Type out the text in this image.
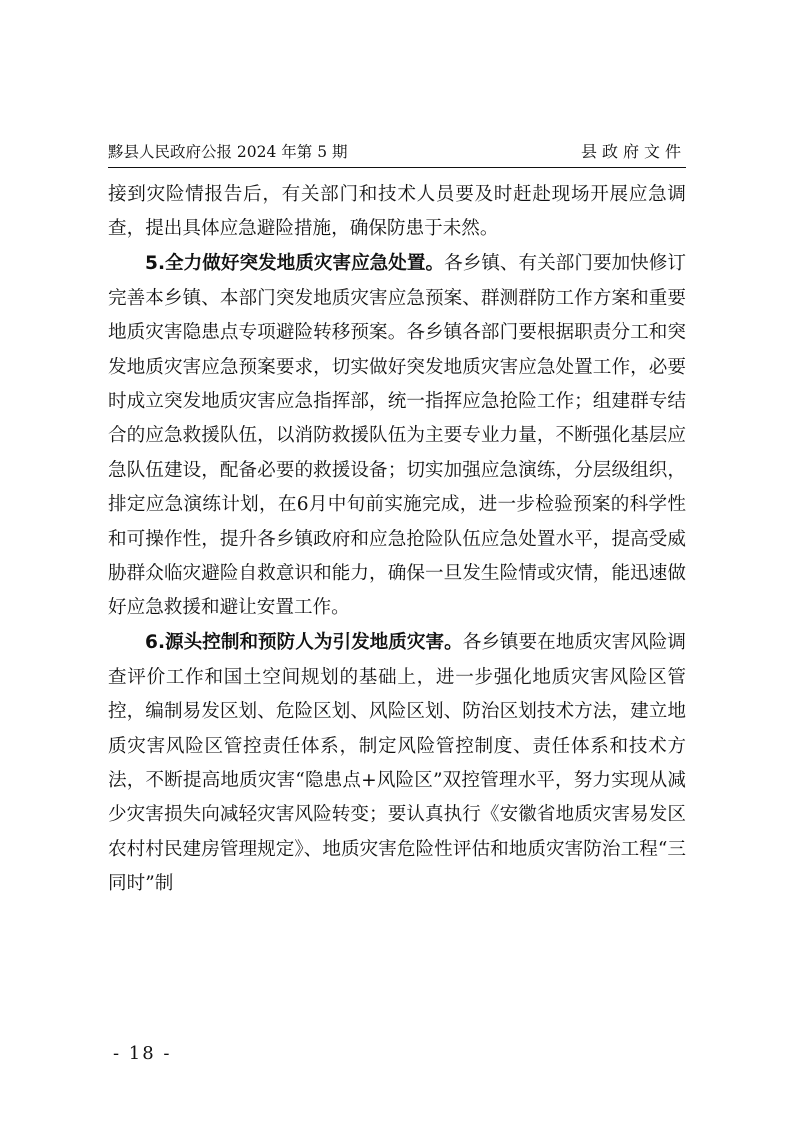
黟县人民政府公报 2024 年第 5 期	县政府文件

接到灾险情报告后，有关部门和技术人员要及时赶赴现场开展应急调查，提出具体应急避险措施，确保防患于未然。

5.全力做好突发地质灾害应急处置。各乡镇、有关部门要加快修订完善本乡镇、本部门突发地质灾害应急预案、群测群防工作方案和重要地质灾害隐患点专项避险转移预案。各乡镇各部门要根据职责分工和突发地质灾害应急预案要求，切实做好突发地质灾害应急处置工作，必要时成立突发地质灾害应急指挥部，统一指挥应急抢险工作；组建群专结合的应急救援队伍，以消防救援队伍为主要专业力量，不断强化基层应急队伍建设，配备必要的救援设备；切实加强应急演练，分层级组织，排定应急演练计划，在6月中旬前实施完成，进一步检验预案的科学性和可操作性，提升各乡镇政府和应急抢险队伍应急处置水平，提高受威胁群众临灾避险自救意识和能力，确保一旦发生险情或灾情，能迅速做好应急救援和避让安置工作。

6.源头控制和预防人为引发地质灾害。各乡镇要在地质灾害风险调查评价工作和国土空间规划的基础上，进一步强化地质灾害风险区管控，编制易发区划、危险区划、风险区划、防治区划技术方法，建立地质灾害风险区管控责任体系，制定风险管控制度、责任体系和技术方法，不断提高地质灾害“隐患点+风险区”双控管理水平，努力实现从减少灾害损失向减轻灾害风险转变；要认真执行《安徽省地质灾害易发区农村村民建房管理规定》、地质灾害危险性评估和地质灾害防治工程“三同时”制

- 18 -
